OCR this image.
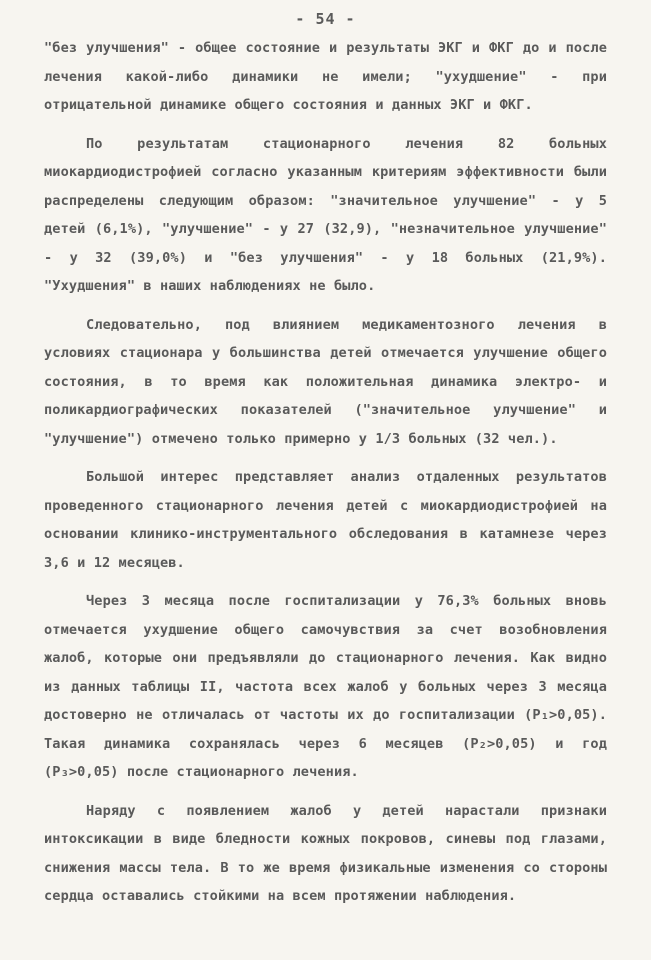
- 54 -

"без улучшения" - общее состояние и результаты ЭКГ и ФКГ до и после лечения какой-либо динамики не имели; "ухудшение" - при отрицательной динамике общего состояния и данных ЭКГ и ФКГ.

По результатам стационарного лечения 82 больных миокардиодистрофией согласно указанным критериям эффективности были распределены следующим образом: "значительное улучшение" - у 5 детей (6,1%), "улучшение" - у 27 (32,9), "незначительное улучшение" - у 32 (39,0%) и "без улучшения" - у 18 больных (21,9%). "Ухудшения" в наших наблюдениях не было.

Следовательно, под влиянием медикаментозного лечения в условиях стационара у большинства детей отмечается улучшение общего состояния, в то время как положительная динамика электро- и поликардиографических показателей ("значительное улучшение" и "улучшение") отмечено только примерно у 1/3 больных (32 чел.).

Большой интерес представляет анализ отдаленных результатов проведенного стационарного лечения детей с миокардиодистрофией на основании клинико-инструментального обследования в катамнезе через 3,6 и 12 месяцев.

Через 3 месяца после госпитализации у 76,3% больных вновь отмечается ухудшение общего самочувствия за счет возобновления жалоб, которые они предъявляли до стационарного лечения. Как видно из данных таблицы II, частота всех жалоб у больных через 3 месяца достоверно не отличалась от частоты их до госпитализации (P₁>0,05). Такая динамика сохранялась через 6 месяцев (P₂>0,05) и год (P₃>0,05) после стационарного лечения.

Наряду с появлением жалоб у детей нарастали признаки интоксикации в виде бледности кожных покровов, синевы под глазами, снижения массы тела. В то же время физикальные изменения со стороны сердца оставались стойкими на всем протяжении наблюдения.
